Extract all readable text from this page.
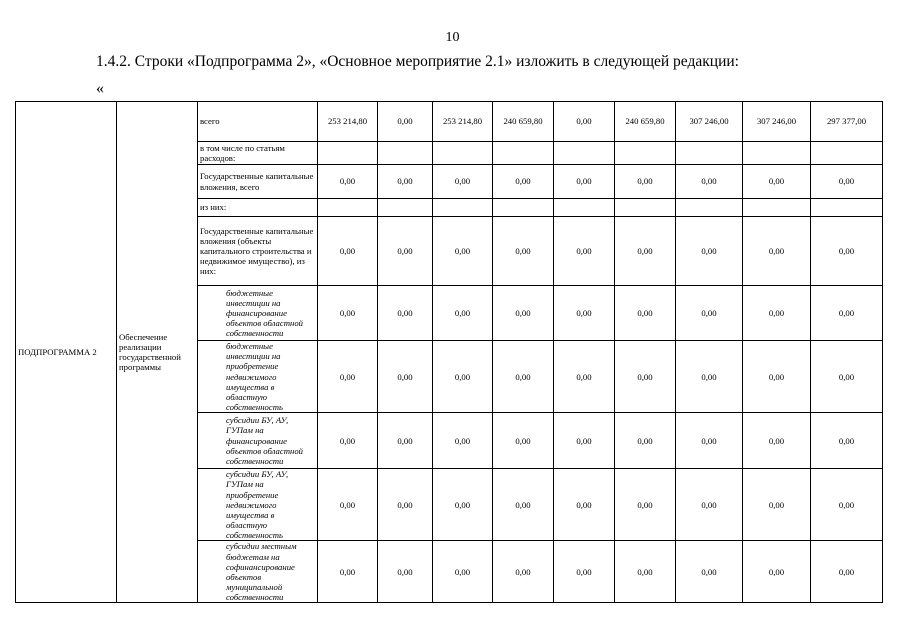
10
1.4.2. Строки «Подпрограмма 2», «Основное мероприятие 2.1» изложить в следующей редакции:
«
ПОДПРОГРАММА 2	Обеспечение реализации государственной программы	всего	253 214,80	0,00	253 214,80	240 659,80	0,00	240 659,80	307 246,00	307 246,00	297 377,00
		в том числе по статьям расходов:									
		Государственные капитальные вложения, всего	0,00	0,00	0,00	0,00	0,00	0,00	0,00	0,00	0,00
		из них:									
		Государственные капитальные вложения (объекты капитального строительства и недвижимое имущество), из них:	0,00	0,00	0,00	0,00	0,00	0,00	0,00	0,00	0,00
		бюджетные инвестиции на финансирование объектов областной собственности	0,00	0,00	0,00	0,00	0,00	0,00	0,00	0,00	0,00
		бюджетные инвестиции на приобретение недвижимого имущества в областную собственность	0,00	0,00	0,00	0,00	0,00	0,00	0,00	0,00	0,00
		субсидии БУ, АУ, ГУПам на финансирование объектов областной собственности	0,00	0,00	0,00	0,00	0,00	0,00	0,00	0,00	0,00
		субсидии БУ, АУ, ГУПам на приобретение недвижимого имущества в областную собственность	0,00	0,00	0,00	0,00	0,00	0,00	0,00	0,00	0,00
		субсидии местным бюджетам на софинансирование объектов муниципальной собственности	0,00	0,00	0,00	0,00	0,00	0,00	0,00	0,00	0,00
